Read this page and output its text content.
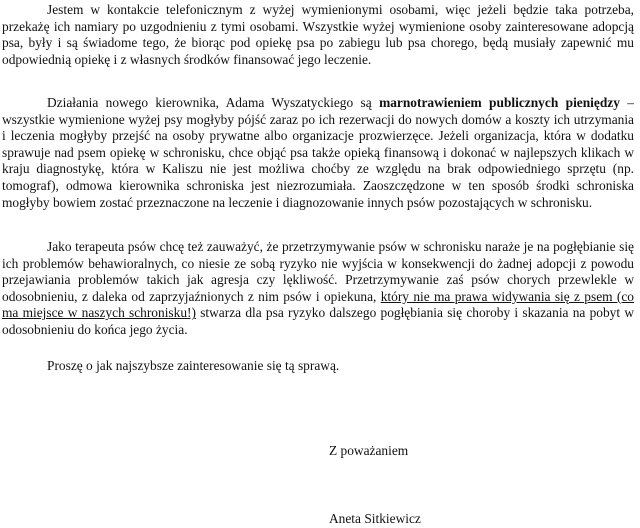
Jestem w kontakcie telefonicznym z wyżej wymienionymi osobami, więc jeżeli będzie taka potrzeba, przekażę ich namiary po uzgodnieniu z tymi osobami. Wszystkie wyżej wymienione osoby zainteresowane adopcją psa, były i są świadome tego, że biorąc pod opiekę psa po zabiegu lub psa chorego, będą musiały zapewnić mu odpowiednią opiekę i z własnych środków finansować jego leczenie.

Działania nowego kierownika, Adama Wyszatyckiego są marnotrawieniem publicznych pieniędzy – wszystkie wymienione wyżej psy mogłyby pójść zaraz po ich rezerwacji do nowych domów a koszty ich utrzymania i leczenia mogłyby przejść na osoby prywatne albo organizacje prozwierzęce. Jeżeli organizacja, która w dodatku sprawuje nad psem opiekę w schronisku, chce objąć psa także opieką finansową i dokonać w najlepszych klikach w kraju diagnostykę, która w Kaliszu nie jest możliwa choćby ze względu na brak odpowiedniego sprzętu (np. tomograf), odmowa kierownika schroniska jest niezrozumiała. Zaoszczędzone w ten sposób środki schroniska mogłyby bowiem zostać przeznaczone na leczenie i diagnozowanie innych psów pozostających w schronisku.

Jako terapeuta psów chcę też zauważyć, że przetrzymywanie psów w schronisku naraże je na pogłębianie się ich problemów behawioralnych, co niesie ze sobą ryzyko nie wyjścia w konsekwencji do żadnej adopcji z powodu przejawiania problemów takich jak agresja czy lękliwość. Przetrzymywanie zaś psów chorych przewlekle w odosobnieniu, z daleka od zaprzyjaźnionych z nim psów i opiekuna, który nie ma prawa widywania się z psem (co ma miejsce w naszych schronisku!) stwarza dla psa ryzyko dalszego pogłębiania się choroby i skazania na pobyt w odosobnieniu do końca jego życia.

Proszę o jak najszybsze zainteresowanie się tą sprawą.

Z poważaniem

Aneta Sitkiewicz
